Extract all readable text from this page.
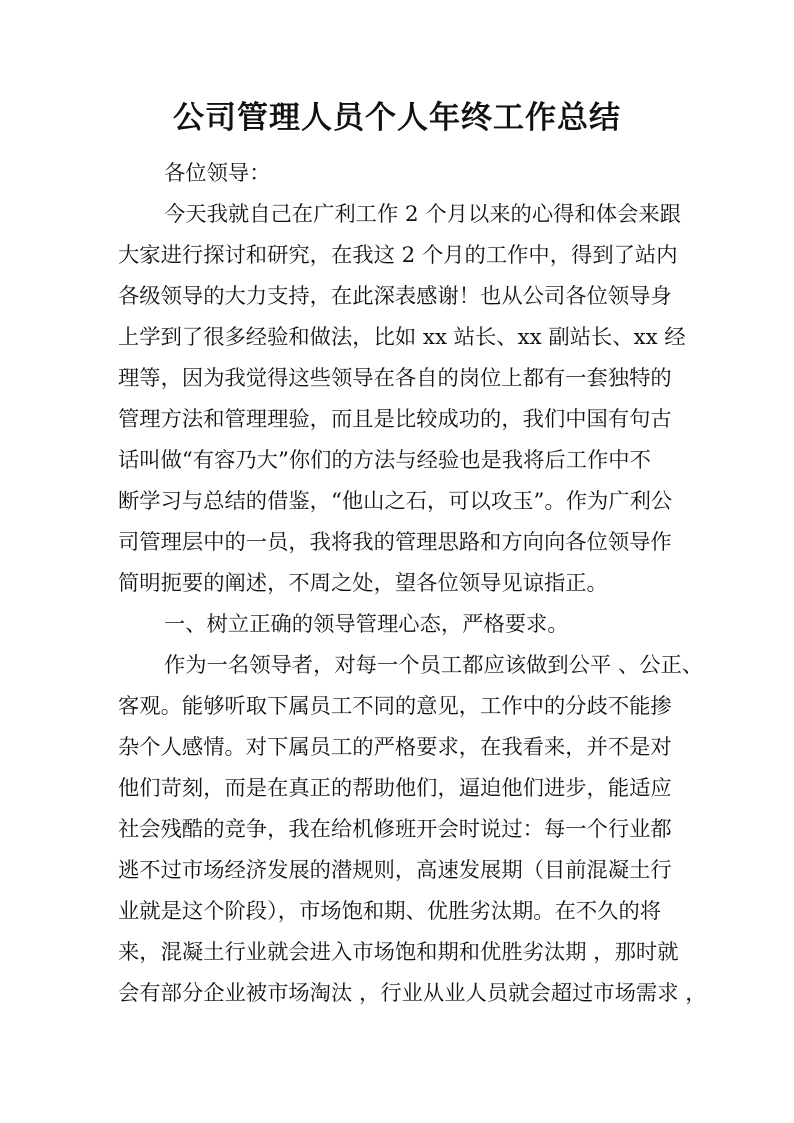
公司管理人员个人年终工作总结
各位领导：
今天我就自己在广利工作 2 个月以来的心得和体会来跟
大家进行探讨和研究，在我这 2 个月的工作中，得到了站内
各级领导的大力支持，在此深表感谢！也从公司各位领导身
上学到了很多经验和做法，比如 xx 站长、xx 副站长、xx 经
理等，因为我觉得这些领导在各自的岗位上都有一套独特的
管理方法和管理理验，而且是比较成功的，我们中国有句古
话叫做“有容乃大”你们的方法与经验也是我将后工作中不
断学习与总结的借鉴，“他山之石，可以攻玉”。作为广利公
司管理层中的一员，我将我的管理思路和方向向各位领导作
简明扼要的阐述，不周之处，望各位领导见谅指正。
一、树立正确的领导管理心态，严格要求。
作为一名领导者，对每一个员工都应该做到公平 、公正、
客观。能够听取下属员工不同的意见，工作中的分歧不能掺
杂个人感情。对下属员工的严格要求，在我看来，并不是对
他们苛刻，而是在真正的帮助他们，逼迫他们进步，能适应
社会残酷的竞争，我在给机修班开会时说过：每一个行业都
逃不过市场经济发展的潜规则，高速发展期（目前混凝土行
业就是这个阶段），市场饱和期、优胜劣汰期。在不久的将
来，混凝土行业就会进入市场饱和期和优胜劣汰期 ，那时就
会有部分企业被市场淘汰 ，行业从业人员就会超过市场需求 ，
